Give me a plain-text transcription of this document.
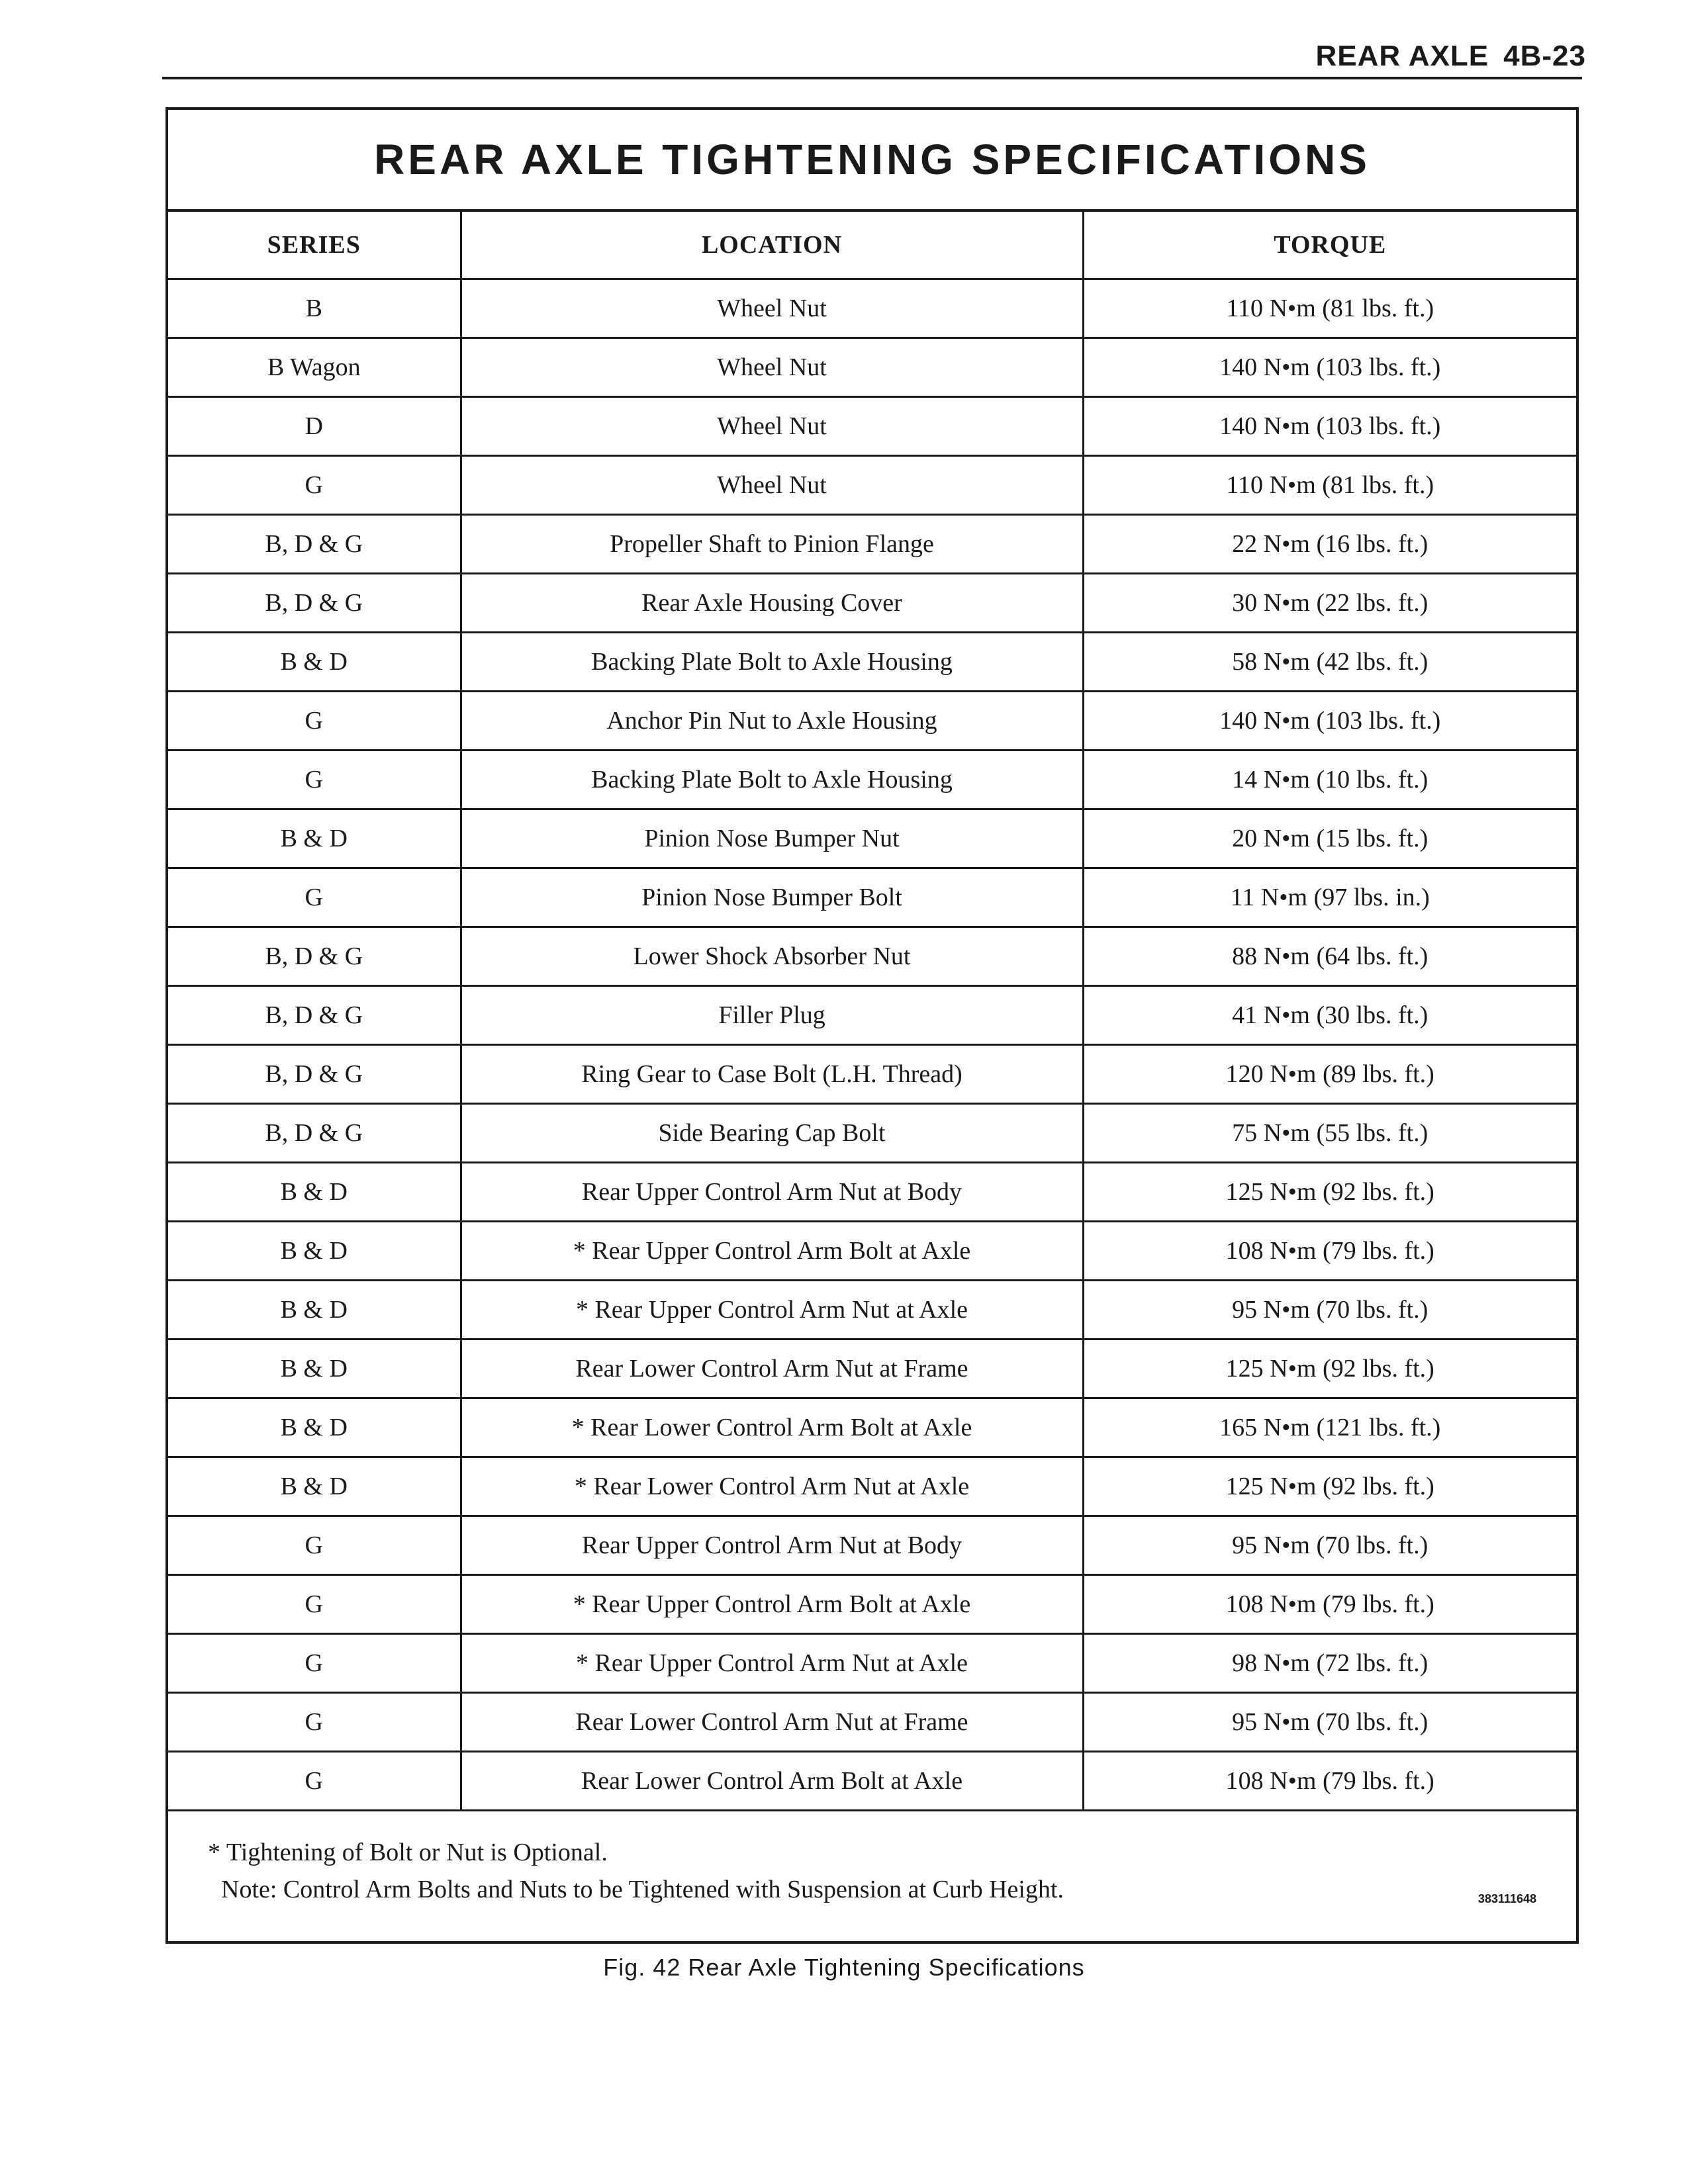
REAR AXLE 4B-23
REAR AXLE TIGHTENING SPECIFICATIONS
SERIES	LOCATION	TORQUE
B	Wheel Nut	110 N•m (81 lbs. ft.)
B Wagon	Wheel Nut	140 N•m (103 lbs. ft.)
D	Wheel Nut	140 N•m (103 lbs. ft.)
G	Wheel Nut	110 N•m (81 lbs. ft.)
B, D & G	Propeller Shaft to Pinion Flange	22 N•m (16 lbs. ft.)
B, D & G	Rear Axle Housing Cover	30 N•m (22 lbs. ft.)
B & D	Backing Plate Bolt to Axle Housing	58 N•m (42 lbs. ft.)
G	Anchor Pin Nut to Axle Housing	140 N•m (103 lbs. ft.)
G	Backing Plate Bolt to Axle Housing	14 N•m (10 lbs. ft.)
B & D	Pinion Nose Bumper Nut	20 N•m (15 lbs. ft.)
G	Pinion Nose Bumper Bolt	11 N•m (97 lbs. in.)
B, D & G	Lower Shock Absorber Nut	88 N•m (64 lbs. ft.)
B, D & G	Filler Plug	41 N•m (30 lbs. ft.)
B, D & G	Ring Gear to Case Bolt (L.H. Thread)	120 N•m (89 lbs. ft.)
B, D & G	Side Bearing Cap Bolt	75 N•m (55 lbs. ft.)
B & D	Rear Upper Control Arm Nut at Body	125 N•m (92 lbs. ft.)
B & D	* Rear Upper Control Arm Bolt at Axle	108 N•m (79 lbs. ft.)
B & D	* Rear Upper Control Arm Nut at Axle	95 N•m (70 lbs. ft.)
B & D	Rear Lower Control Arm Nut at Frame	125 N•m (92 lbs. ft.)
B & D	* Rear Lower Control Arm Bolt at Axle	165 N•m (121 lbs. ft.)
B & D	* Rear Lower Control Arm Nut at Axle	125 N•m (92 lbs. ft.)
G	Rear Upper Control Arm Nut at Body	95 N•m (70 lbs. ft.)
G	* Rear Upper Control Arm Bolt at Axle	108 N•m (79 lbs. ft.)
G	* Rear Upper Control Arm Nut at Axle	98 N•m (72 lbs. ft.)
G	Rear Lower Control Arm Nut at Frame	95 N•m (70 lbs. ft.)
G	Rear Lower Control Arm Bolt at Axle	108 N•m (79 lbs. ft.)
* Tightening of Bolt or Nut is Optional.
Note: Control Arm Bolts and Nuts to be Tightened with Suspension at Curb Height.	383111648
Fig. 42 Rear Axle Tightening Specifications
